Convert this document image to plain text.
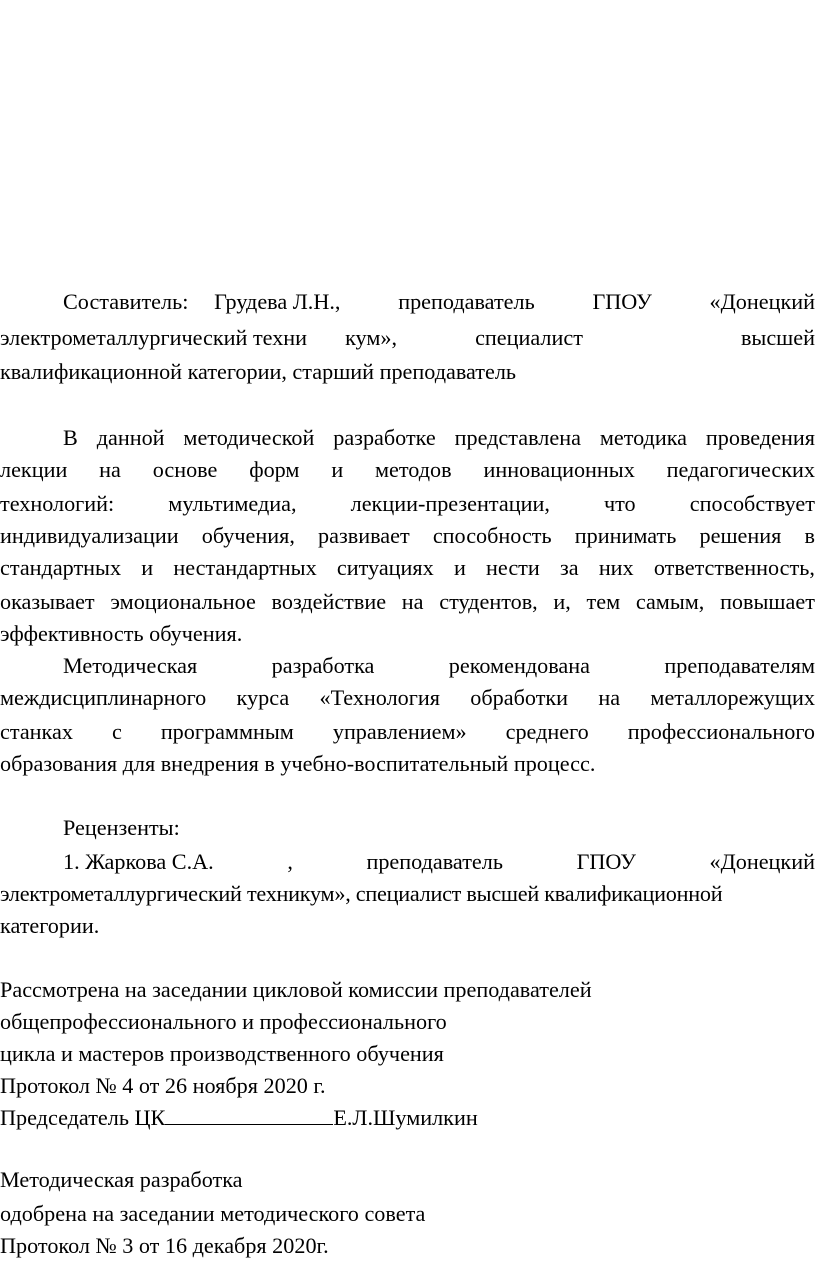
Составитель: Грудева Л.Н.,	преподаватель	ГПОУ	«Донецкий
электрометаллургический техни кум»,	специалист	высшей
квалификационной категории, старший преподаватель
В данной методической разработке представлена методика проведения
лекции на основе форм и методов инновационных педагогических
технологий: мультимедиа, лекции-презентации, что способствует
индивидуализации обучения, развивает способность принимать решения в
стандартных и нестандартных ситуациях и нести за них ответственность,
оказывает эмоциональное воздействие на студентов, и, тем самым, повышает
эффективность обучения.
Методическая	разработка	рекомендована	преподавателям
междисциплинарного курса «Технология обработки на металлорежущих
станках с программным управлением» среднего профессионального
образования для внедрения в учебно-воспитательный процесс.
Рецензенты:
1. Жаркова С.А.	,	преподаватель	ГПОУ	«Донецкий
электрометаллургический техникум», специалист высшей квалификационной
категории.
Рассмотрена на заседании цикловой комиссии преподавателей
общепрофессионального и профессионального
цикла и мастеров производственного обучения
Протокол № 4 от 26 ноября 2020 г.
Председатель ЦК	Е.Л.Шумилкин
Методическая разработка
одобрена на заседании методического совета
Протокол № 3 от 16 декабря 2020г.
